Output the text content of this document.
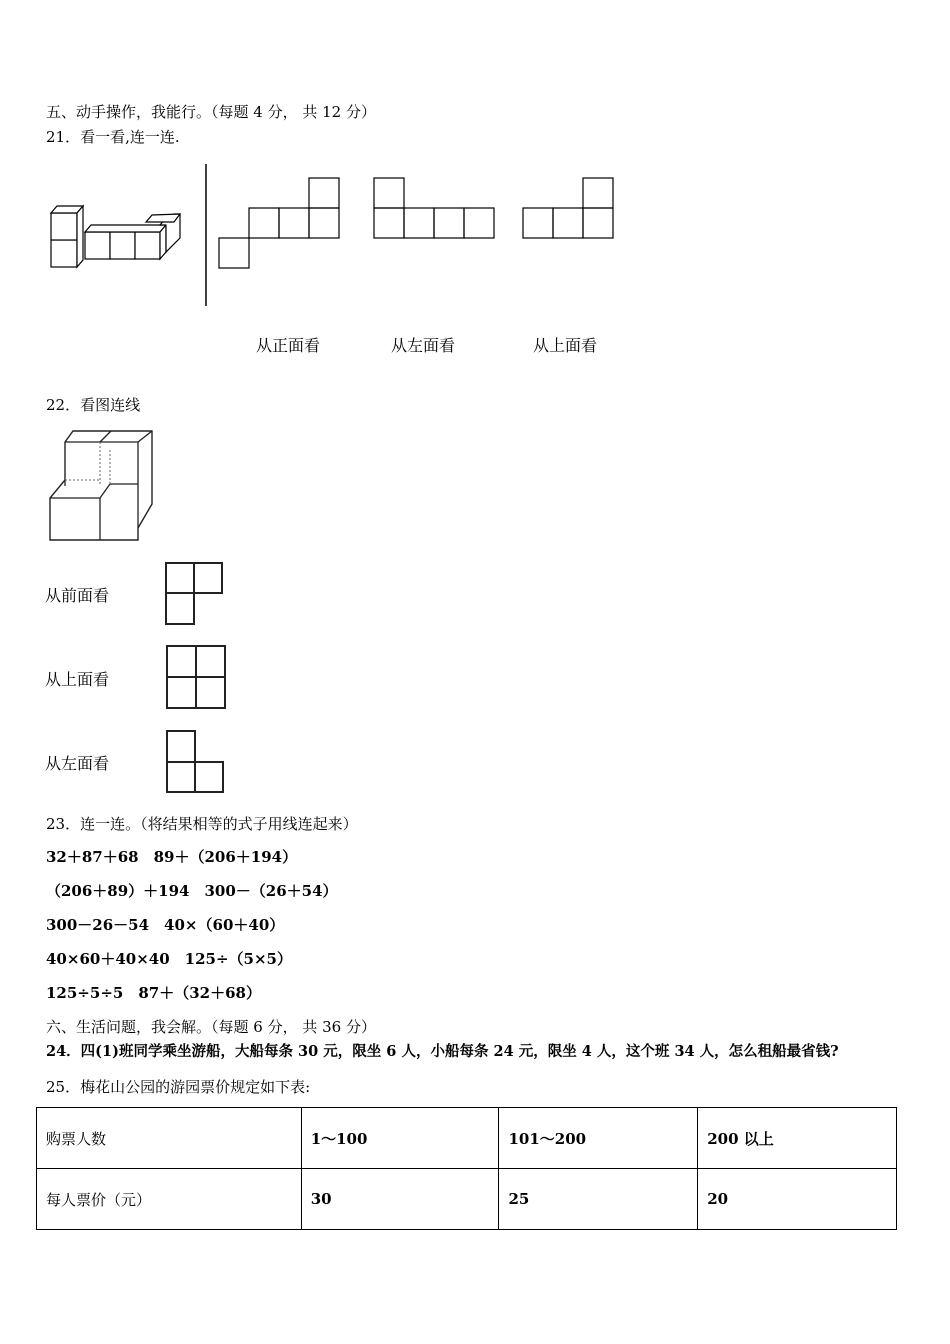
五、动手操作，我能行。（每题 4 分， 共 12 分）
21．看一看,连一连.
从正面看	从左面看	从上面看
22．看图连线
从前面看
从上面看
从左面看
23．连一连。（将结果相等的式子用线连起来）
32＋87＋68　89＋（206＋194）
（206＋89）＋194　300－（26＋54）
300－26－54　40×（60＋40）
40×60＋40×40　125÷（5×5）
125÷5÷5　87＋（32＋68）
六、生活问题，我会解。（每题 6 分， 共 36 分）
24．四(1)班同学乘坐游船，大船每条 30 元，限坐 6 人，小船每条 24 元，限坐 4 人，这个班 34 人，怎么租船最省钱?
25．梅花山公园的游园票价规定如下表:
购票人数	1～100	101～200	200 以上
每人票价（元）	30	25	20
